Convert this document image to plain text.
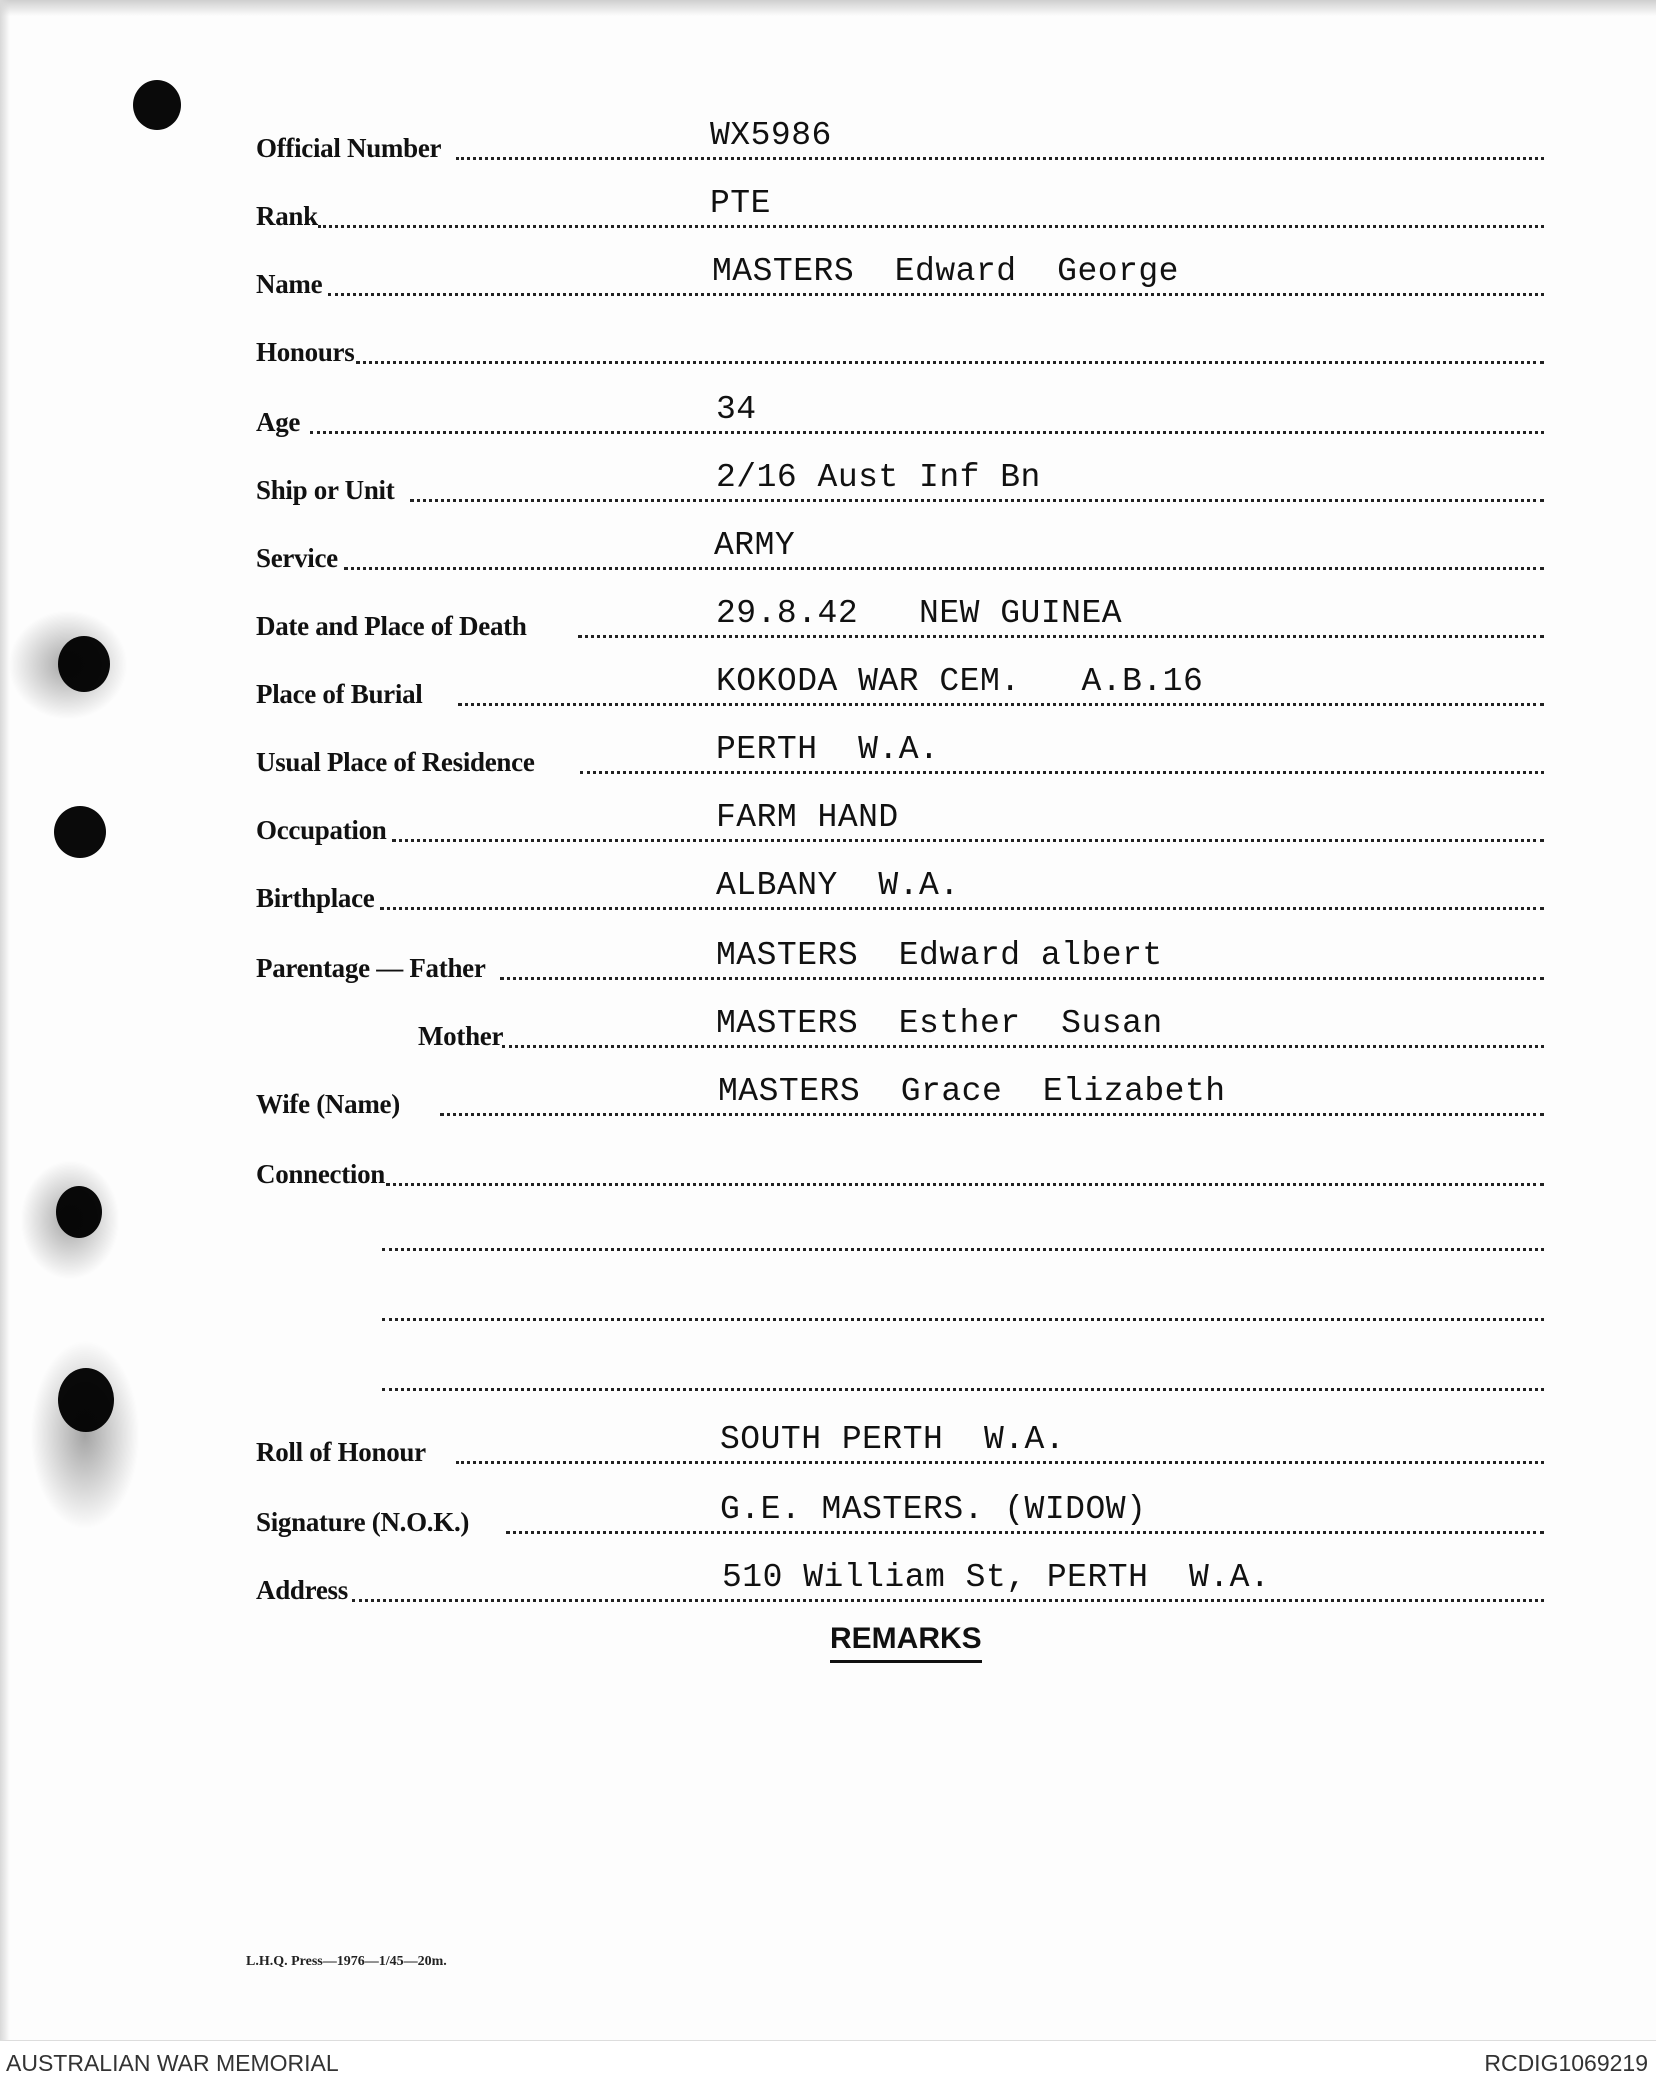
Official Number	WX5986
Rank	PTE
Name	MASTERS  Edward  George
Honours
Age	34
Ship or Unit	2/16 Aust Inf Bn
Service	ARMY
Date and Place of Death	29.8.42   NEW GUINEA
Place of Burial	KOKODA WAR CEM.   A.B.16
Usual Place of Residence	PERTH  W.A.
Occupation	FARM HAND
Birthplace	ALBANY  W.A.
Parentage — Father	MASTERS  Edward albert
Mother	MASTERS  Esther  Susan
Wife (Name)	MASTERS  Grace  Elizabeth
Connection
Roll of Honour	SOUTH PERTH  W.A.
Signature (N.O.K.)	G.E. MASTERS. (WIDOW)
Address	510 William St, PERTH  W.A.
REMARKS
L.H.Q. Press—1976—1/45—20m.
AUSTRALIAN WAR MEMORIAL	RCDIG1069219
